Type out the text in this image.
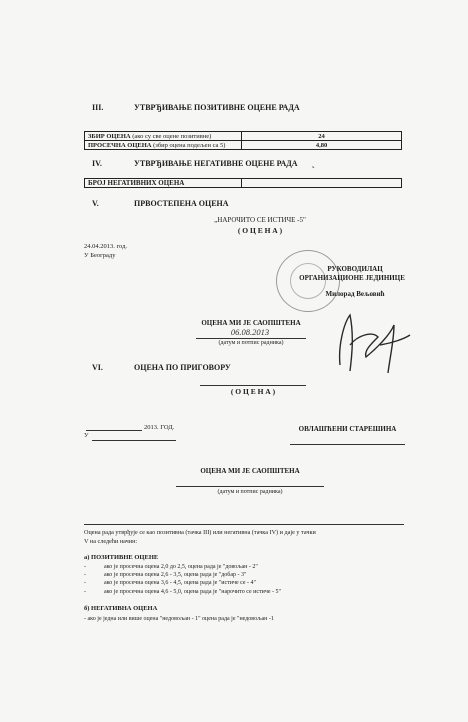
III.	УТВРЂИВАЊЕ ПОЗИТИВНЕ ОЦЕНЕ РАДА
ЗБИР ОЦЕНА (ако су све оцене позитивне)	24
ПРОСЕЧНА ОЦЕНА (збир оцена подељен са 5)	4,80
IV.	УТВРЂИВАЊЕ НЕГАТИВНЕ ОЦЕНЕ РАДА ˛
БРОЈ НЕГАТИВНИХ ОЦЕНА	
V.	ПРВОСТЕПЕНА ОЦЕНА
„НАРОЧИТО СЕ ИСТИЧЕ -5"
( О Ц Е Н А )
24.04.2013. год.
У Београду
РУКОВОДИЛАЦ
ОРГАНИЗАЦИОНЕ ЈЕДИНИЦЕ
Милорад Вељовић
ОЦЕНА МИ ЈЕ САОПШТЕНА
06.08.2013
(датум и потпис радника)
VI.	ОЦЕНА ПО ПРИГОВОРУ
( О Ц Е Н А )
2013. ГОД.
У
ОВЛАШЋЕНИ СТАРЕШИНА
ОЦЕНА МИ ЈЕ САОПШТЕНА
(датум и потпис радника)
Оцена рада утврђује се као позитивна (тачка III) или негативна (тачка IV) и даје у тачки
V на следећи начин:
а) ПОЗИТИВНЕ ОЦЕНЕ
-	ако је просечна оцена 2,0 до 2,5, оцена рада је "довољан - 2"
-	ако је просечна оцена 2,6 - 3,5, оцена рада је "добар - 3"
-	ако је просечна оцена 3,6 - 4,5, оцена рада је "истиче се - 4"
-	ако је просечна оцена 4,6 - 5,0, оцена рада је "нарочито се истиче - 5"
б) НЕГАТИВНА ОЦЕНА
- ако је једна или више оцена "недовољан - 1" оцена рада је "недовољан -1
